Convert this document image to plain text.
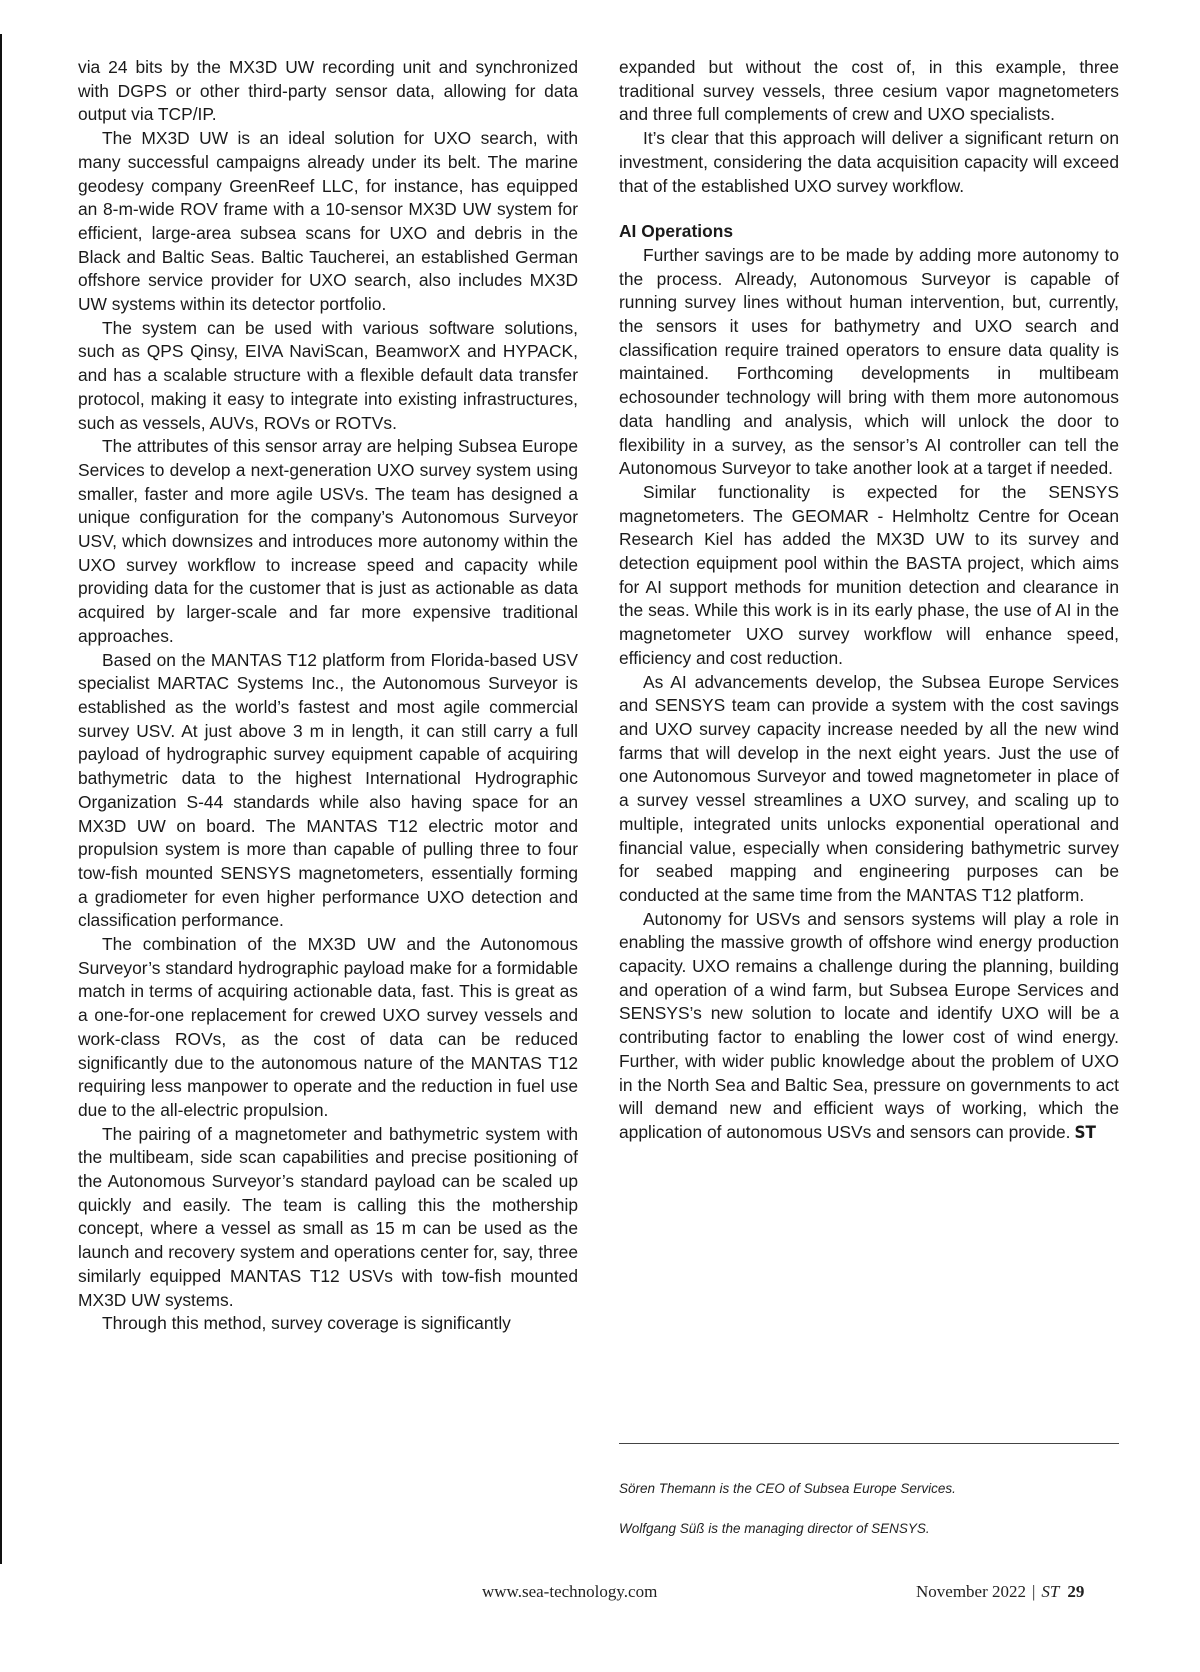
via 24 bits by the MX3D UW recording unit and synchronized with DGPS or other third-party sensor data, allowing for data output via TCP/IP.

The MX3D UW is an ideal solution for UXO search, with many successful campaigns already under its belt. The marine geodesy company GreenReef LLC, for instance, has equipped an 8-m-wide ROV frame with a 10-sensor MX3D UW system for efficient, large-area subsea scans for UXO and debris in the Black and Baltic Seas. Baltic Taucherei, an established German offshore service provider for UXO search, also includes MX3D UW systems within its detector portfolio.

The system can be used with various software solutions, such as QPS Qinsy, EIVA NaviScan, BeamworX and HYPACK, and has a scalable structure with a flexible default data transfer protocol, making it easy to integrate into existing infrastructures, such as vessels, AUVs, ROVs or ROTVs.

The attributes of this sensor array are helping Subsea Europe Services to develop a next-generation UXO survey system using smaller, faster and more agile USVs. The team has designed a unique configuration for the company’s Autonomous Surveyor USV, which downsizes and introduces more autonomy within the UXO survey workflow to increase speed and capacity while providing data for the customer that is just as actionable as data acquired by larger-scale and far more expensive traditional approaches.

Based on the MANTAS T12 platform from Florida-based USV specialist MARTAC Systems Inc., the Autonomous Surveyor is established as the world’s fastest and most agile commercial survey USV. At just above 3 m in length, it can still carry a full payload of hydrographic survey equipment capable of acquiring bathymetric data to the highest International Hydrographic Organization S-44 standards while also having space for an MX3D UW on board. The MANTAS T12 electric motor and propulsion system is more than capable of pulling three to four tow-fish mounted SENSYS magnetometers, essentially forming a gradiometer for even higher performance UXO detection and classification performance.

The combination of the MX3D UW and the Autonomous Surveyor’s standard hydrographic payload make for a formidable match in terms of acquiring actionable data, fast. This is great as a one-for-one replacement for crewed UXO survey vessels and work-class ROVs, as the cost of data can be reduced significantly due to the autonomous nature of the MANTAS T12 requiring less manpower to operate and the reduction in fuel use due to the all-electric propulsion.

The pairing of a magnetometer and bathymetric system with the multibeam, side scan capabilities and precise positioning of the Autonomous Surveyor’s standard payload can be scaled up quickly and easily. The team is calling this the mothership concept, where a vessel as small as 15 m can be used as the launch and recovery system and operations center for, say, three similarly equipped MANTAS T12 USVs with tow-fish mounted MX3D UW systems.

Through this method, survey coverage is significantly

expanded but without the cost of, in this example, three traditional survey vessels, three cesium vapor magnetometers and three full complements of crew and UXO specialists.

It’s clear that this approach will deliver a significant return on investment, considering the data acquisition capacity will exceed that of the established UXO survey workflow.

AI Operations

Further savings are to be made by adding more autonomy to the process. Already, Autonomous Surveyor is capable of running survey lines without human intervention, but, currently, the sensors it uses for bathymetry and UXO search and classification require trained operators to ensure data quality is maintained. Forthcoming developments in multibeam echosounder technology will bring with them more autonomous data handling and analysis, which will unlock the door to flexibility in a survey, as the sensor’s AI controller can tell the Autonomous Surveyor to take another look at a target if needed.

Similar functionality is expected for the SENSYS magnetometers. The GEOMAR - Helmholtz Centre for Ocean Research Kiel has added the MX3D UW to its survey and detection equipment pool within the BASTA project, which aims for AI support methods for munition detection and clearance in the seas. While this work is in its early phase, the use of AI in the magnetometer UXO survey workflow will enhance speed, efficiency and cost reduction.

As AI advancements develop, the Subsea Europe Services and SENSYS team can provide a system with the cost savings and UXO survey capacity increase needed by all the new wind farms that will develop in the next eight years. Just the use of one Autonomous Surveyor and towed magnetometer in place of a survey vessel streamlines a UXO survey, and scaling up to multiple, integrated units unlocks exponential operational and financial value, especially when considering bathymetric survey for seabed mapping and engineering purposes can be conducted at the same time from the MANTAS T12 platform.

Autonomy for USVs and sensors systems will play a role in enabling the massive growth of offshore wind energy production capacity. UXO remains a challenge during the planning, building and operation of a wind farm, but Subsea Europe Services and SENSYS’s new solution to locate and identify UXO will be a contributing factor to enabling the lower cost of wind energy. Further, with wider public knowledge about the problem of UXO in the North Sea and Baltic Sea, pressure on governments to act will demand new and efficient ways of working, which the application of autonomous USVs and sensors can provide. ST

Sören Themann is the CEO of Subsea Europe Services.
Wolfgang Süß is the managing director of SENSYS.
www.sea-technology.com	November 2022 | ST 29
